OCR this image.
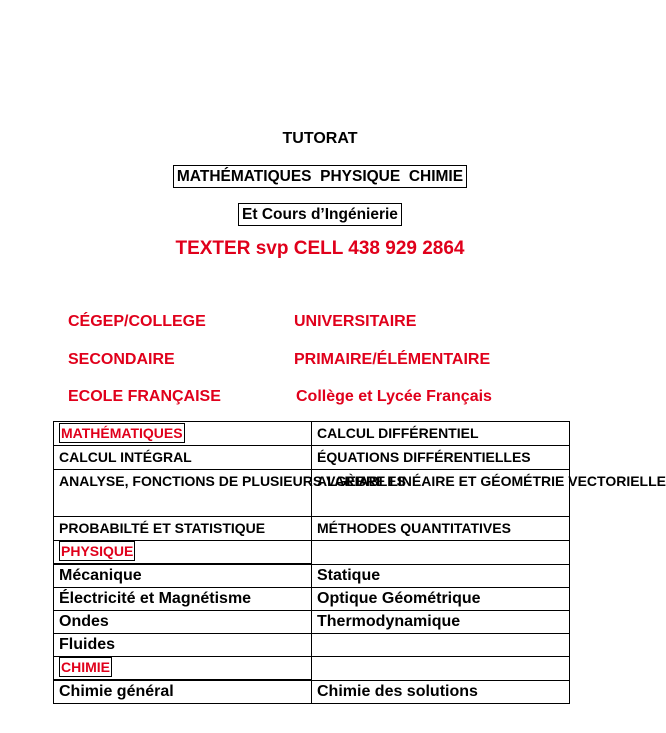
TUTORAT
MATHÉMATIQUES  PHYSIQUE  CHIMIE
Et Cours d’Ingénierie
TEXTER svp CELL 438 929 2864
CÉGEP/COLLEGE	UNIVERSITAIRE
SECONDAIRE	PRIMAIRE/ÉLÉMENTAIRE
ECOLE FRANÇAISE	Collège et Lycée Français
MATHÉMATIQUES	CALCUL DIFFÉRENTIEL
CALCUL INTÉGRAL	ÉQUATIONS DIFFÉRENTIELLES
ANALYSE, FONCTIONS DE PLUSIEURS VARIABLES	ALGÈBRE LINÉAIRE ET GÉOMÉTRIE VECTORIELLE
PROBABILTÉ ET STATISTIQUE	MÉTHODES QUANTITATIVES
PHYSIQUE	
Mécanique	Statique
Électricité et Magnétisme	Optique Géométrique
Ondes	Thermodynamique
Fluides	
CHIMIE	
Chimie général	Chimie des solutions
